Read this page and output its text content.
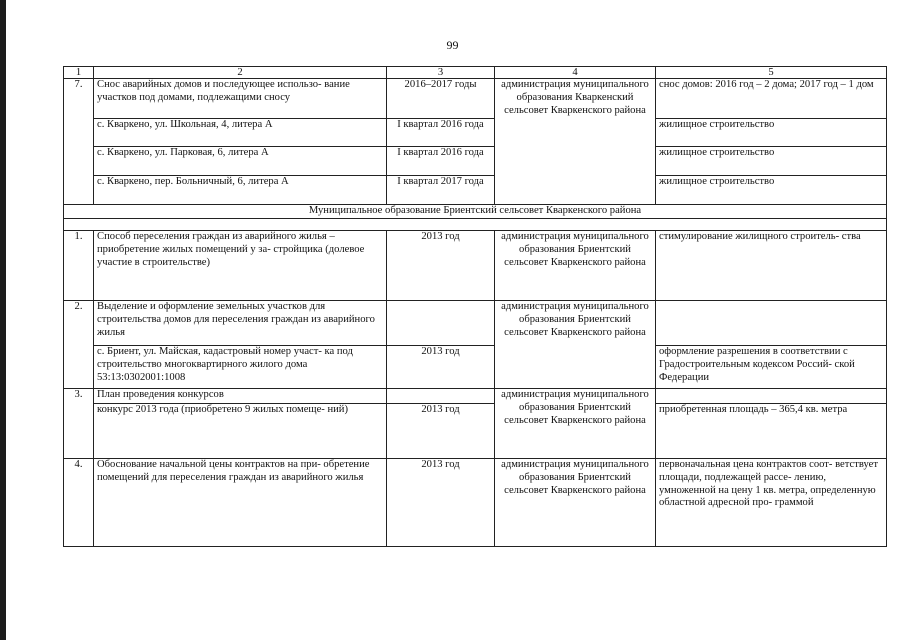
99
1	2	3	4	5
7.	Снос аварийных домов и последующее использо- вание участков под домами, подлежащими сносу	2016–2017 годы	администрация муниципального образования Кваркенский сельсовет Кваркенского района	снос домов: 2016 год – 2 дома; 2017 год – 1 дом
	с. Кваркено, ул. Школьная, 4, литера А	I квартал 2016 года		жилищное строительство
	с. Кваркено, ул. Парковая, 6, литера А	I квартал 2016 года		жилищное строительство
	с. Кваркено, пер. Больничный, 6, литера А	I квартал 2017 года		жилищное строительство
Муниципальное образование Бриентский сельсовет Кваркенского района				

1.	Способ переселения граждан из аварийного жилья – приобретение жилых помещений у за- стройщика (долевое участие в строительстве)	2013 год	администрация муниципального образования Бриентский сельсовет Кваркенского района	стимулирование жилищного строитель- ства
2.	Выделение и оформление земельных участков для строительства домов для переселения граждан из аварийного жилья		администрация муниципального образования Бриентский сельсовет Кваркенского района	
	с. Бриент, ул. Майская, кадастровый номер участ- ка под строительство многоквартирного жилого дома 53:13:0302001:1008	2013 год		оформление разрешения в соответствии с Градостроительным кодексом Россий- ской Федерации
3.	План проведения конкурсов		администрация муниципального образования Бриентский сельсовет Кваркенского района	
	конкурс 2013 года (приобретено 9 жилых помеще- ний)	2013 год		приобретенная площадь – 365,4 кв. метра
4.	Обоснование начальной цены контрактов на при- обретение помещений для переселения граждан из аварийного жилья	2013 год	администрация муниципального образования Бриентский сельсовет Кваркенского района	первоначальная цена контрактов соот- ветствует площади, подлежащей рассе- лению, умноженной на цену 1 кв. метра, определенную областной адресной про- граммой
